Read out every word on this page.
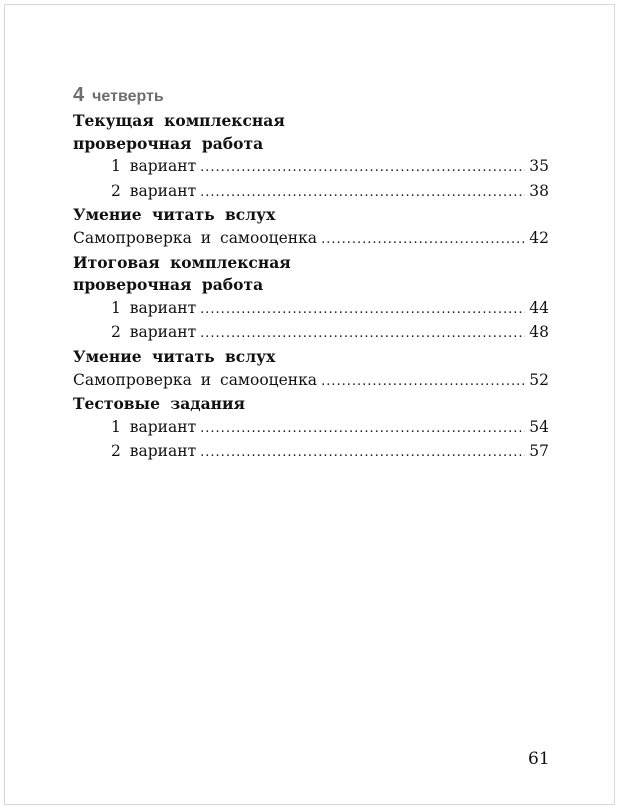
4 четверть
Текущая комплексная
проверочная работа
1 вариант .....	35
2 вариант .....	38
Умение читать вслух
Самопроверка и самооценка .....	42
Итоговая комплексная
проверочная работа
1 вариант .....	44
2 вариант .....	48
Умение читать вслух
Самопроверка и самооценка .....	52
Тестовые задания
1 вариант .....	54
2 вариант .....	57
61
